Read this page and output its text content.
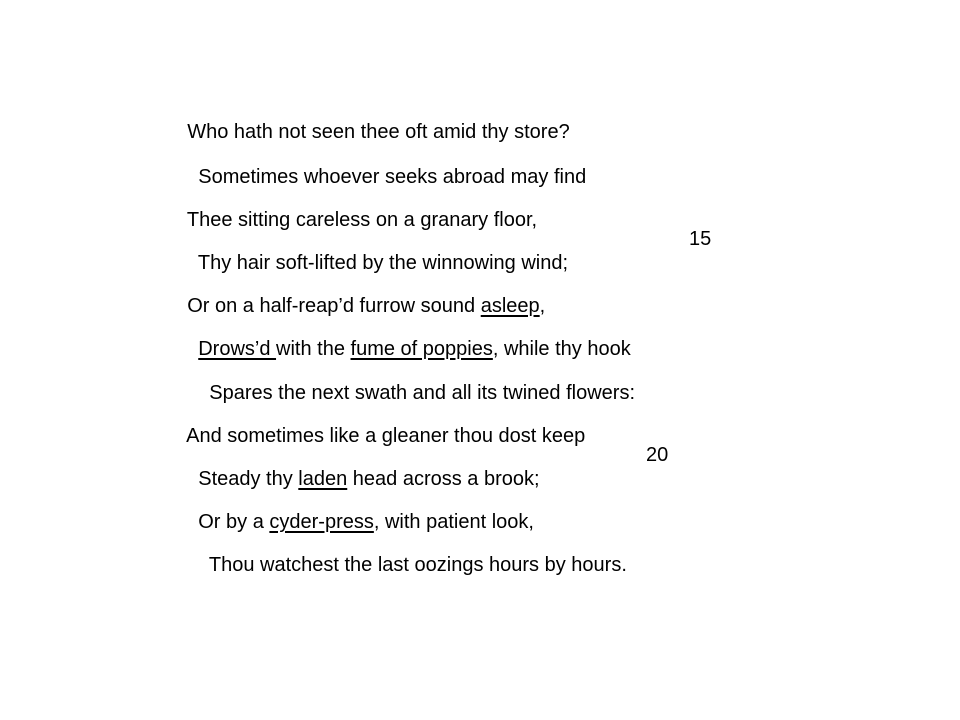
Who hath not seen thee oft amid thy store?

Sometimes whoever seeks abroad may find

Thee sitting careless on a granary floor,

Thy hair soft-lifted by the winnowing wind;

15

Or on a half-reap’d furrow sound asleep,

Drows’d with the fume of poppies, while thy hook

Spares the next swath and all its twined flowers:

And sometimes like a gleaner thou dost keep

Steady thy laden head across a brook;

20

Or by a cyder-press, with patient look,

Thou watchest the last oozings hours by hours.
